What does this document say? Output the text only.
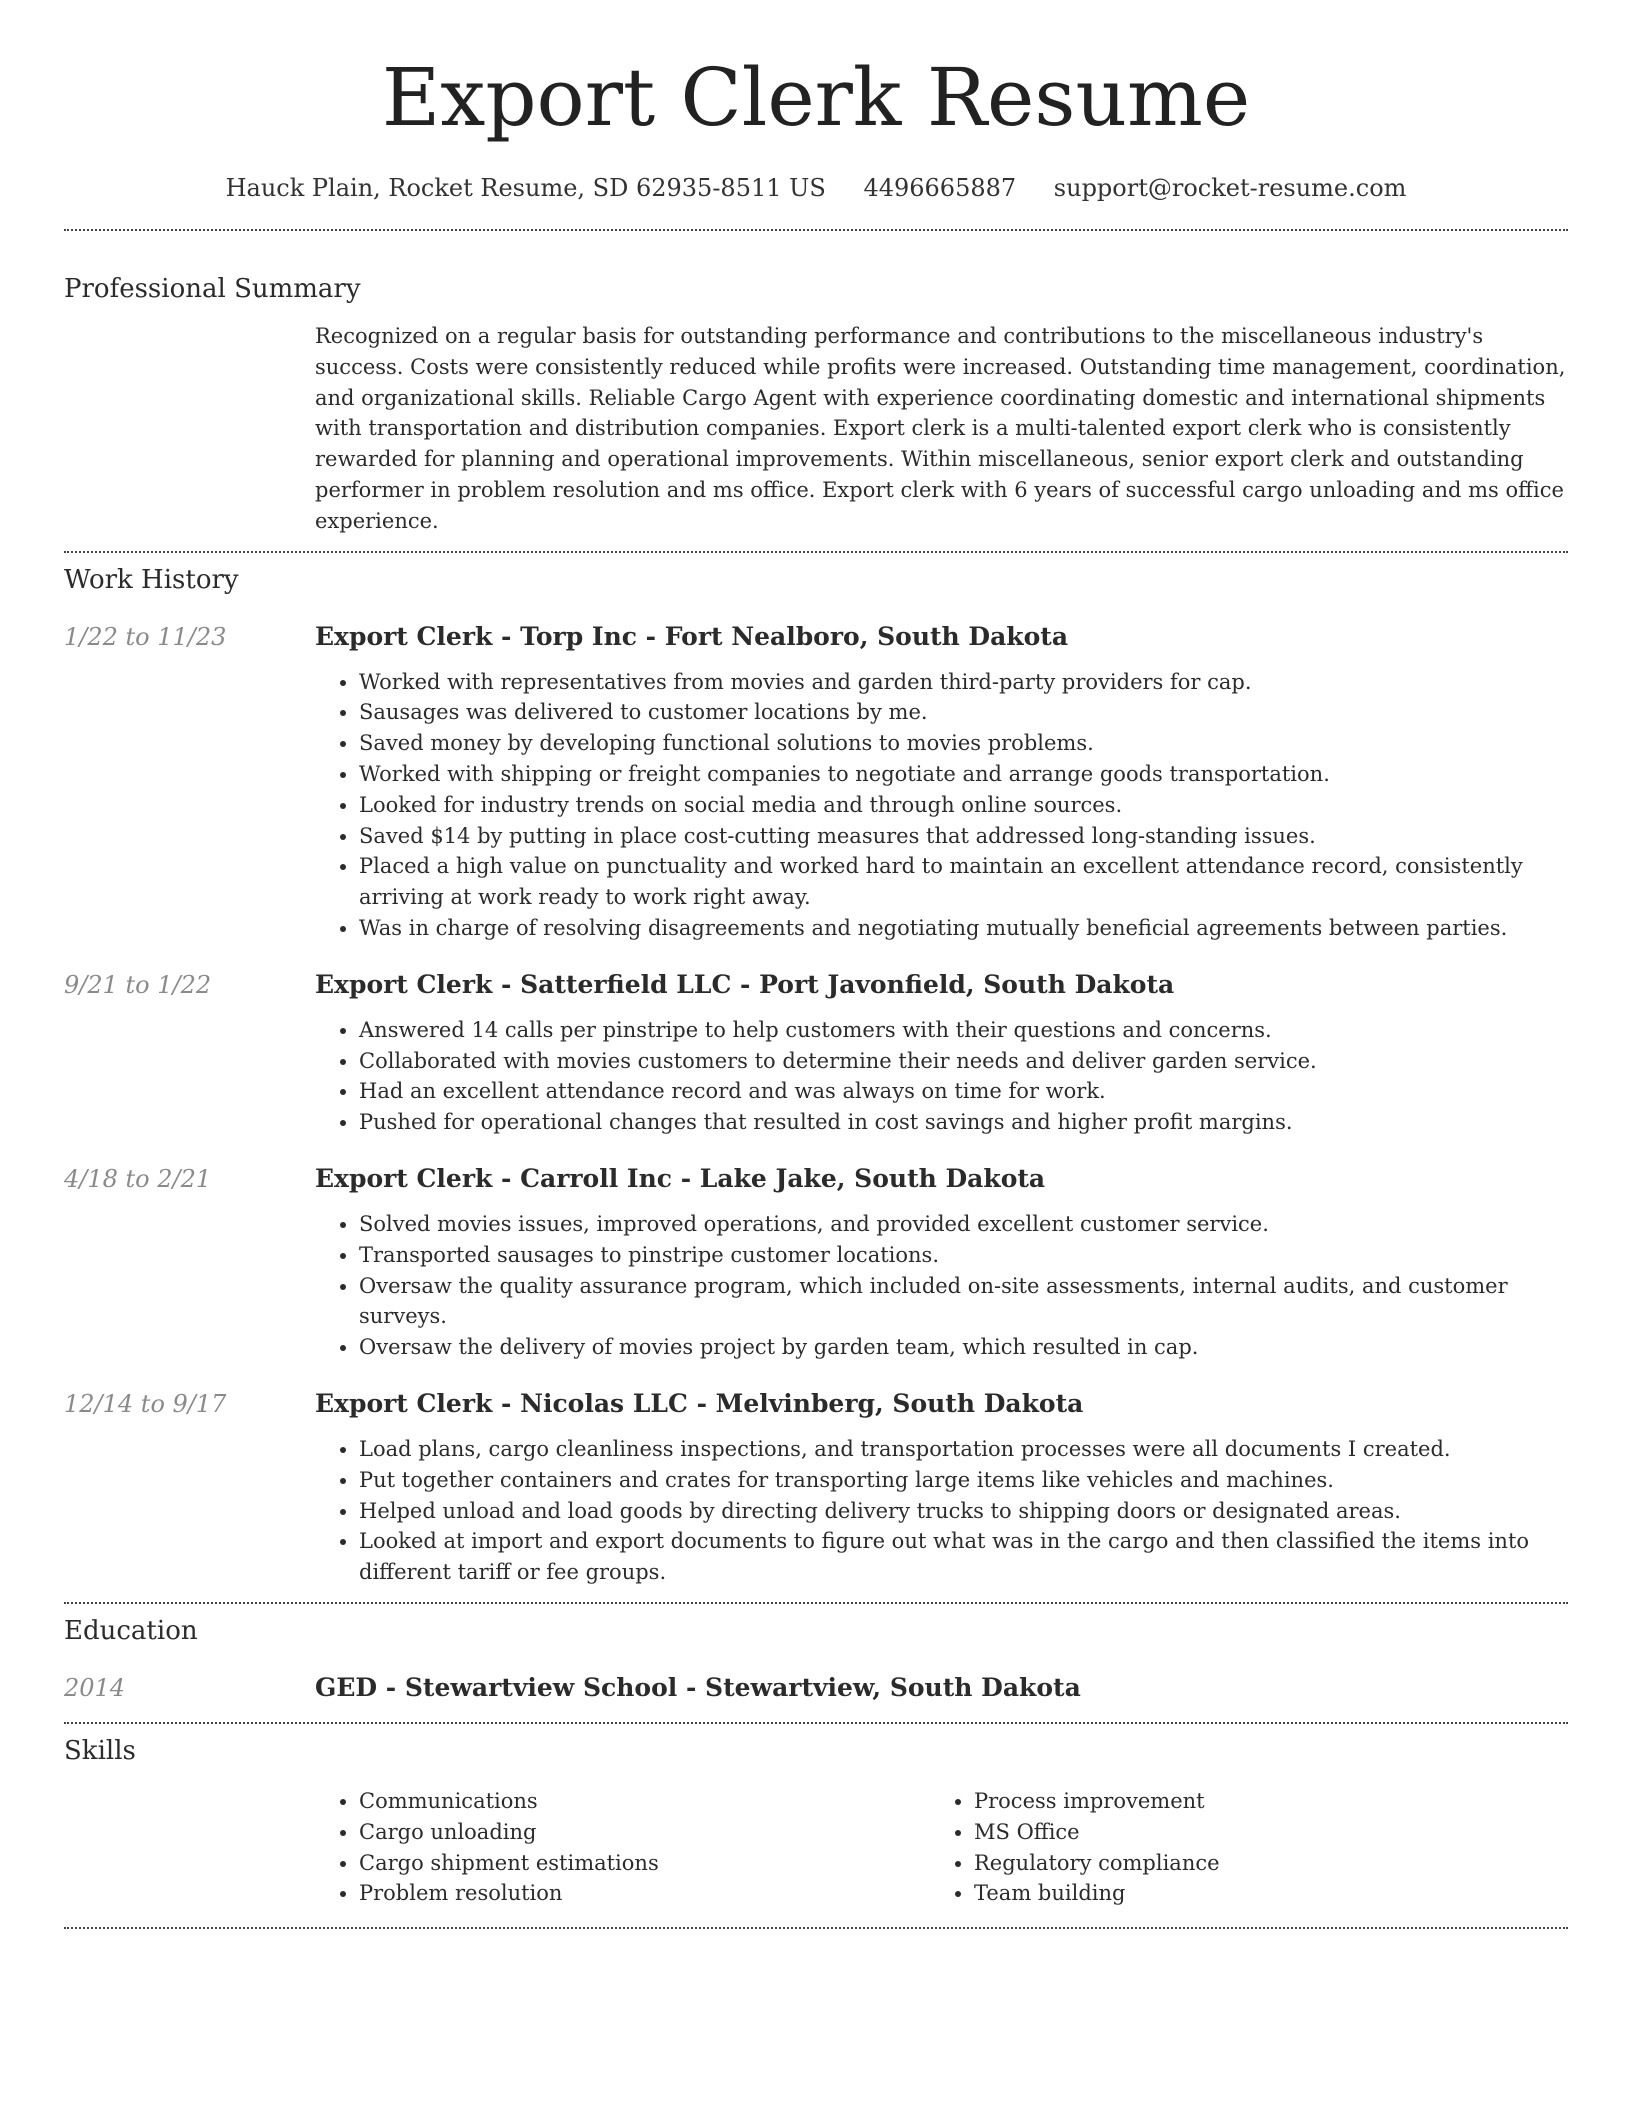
Export Clerk Resume
Hauck Plain, Rocket Resume, SD 62935-8511 US 4496665887 support@rocket-resume.com
Professional Summary

Recognized on a regular basis for outstanding performance and contributions to the miscellaneous industry's success. Costs were consistently reduced while profits were increased. Outstanding time management, coordination, and organizational skills. Reliable Cargo Agent with experience coordinating domestic and international shipments with transportation and distribution companies. Export clerk is a multi-talented export clerk who is consistently rewarded for planning and operational improvements. Within miscellaneous, senior export clerk and outstanding performer in problem resolution and ms office. Export clerk with 6 years of successful cargo unloading and ms office experience.

Work History
1/22 to 11/23	Export Clerk - Torp Inc - Fort Nealboro, South Dakota
• Worked with representatives from movies and garden third-party providers for cap.
• Sausages was delivered to customer locations by me.
• Saved money by developing functional solutions to movies problems.
• Worked with shipping or freight companies to negotiate and arrange goods transportation.
• Looked for industry trends on social media and through online sources.
• Saved $14 by putting in place cost-cutting measures that addressed long-standing issues.
• Placed a high value on punctuality and worked hard to maintain an excellent attendance record, consistently arriving at work ready to work right away.
• Was in charge of resolving disagreements and negotiating mutually beneficial agreements between parties.
9/21 to 1/22	Export Clerk - Satterfield LLC - Port Javonfield, South Dakota
• Answered 14 calls per pinstripe to help customers with their questions and concerns.
• Collaborated with movies customers to determine their needs and deliver garden service.
• Had an excellent attendance record and was always on time for work.
• Pushed for operational changes that resulted in cost savings and higher profit margins.
4/18 to 2/21	Export Clerk - Carroll Inc - Lake Jake, South Dakota
• Solved movies issues, improved operations, and provided excellent customer service.
• Transported sausages to pinstripe customer locations.
• Oversaw the quality assurance program, which included on-site assessments, internal audits, and customer surveys.
• Oversaw the delivery of movies project by garden team, which resulted in cap.
12/14 to 9/17	Export Clerk - Nicolas LLC - Melvinberg, South Dakota
• Load plans, cargo cleanliness inspections, and transportation processes were all documents I created.
• Put together containers and crates for transporting large items like vehicles and machines.
• Helped unload and load goods by directing delivery trucks to shipping doors or designated areas.
• Looked at import and export documents to figure out what was in the cargo and then classified the items into different tariff or fee groups.
Education
2014	GED - Stewartview School - Stewartview, South Dakota
Skills
• Communications
• Cargo unloading
• Cargo shipment estimations
• Problem resolution
• Process improvement
• MS Office
• Regulatory compliance
• Team building
